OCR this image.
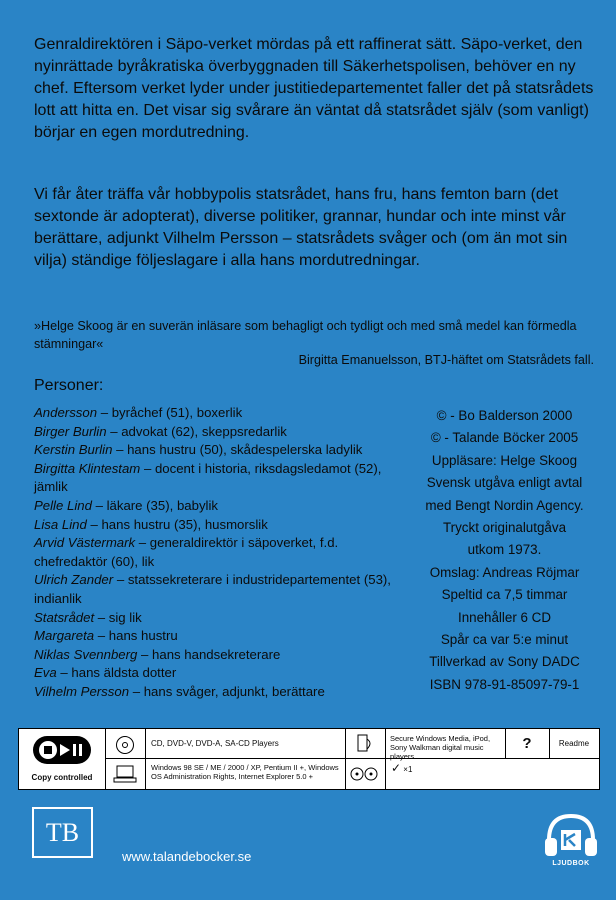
Genraldirektören i Säpo-verket mördas på ett raffinerat sätt. Säpo-verket, den nyinrättade byråkratiska överbyggnaden till Säkerhetspolisen, behöver en ny chef. Eftersom verket lyder under justitiedepartementet faller det på statsrådets lott att hitta en. Det visar sig svårare än väntat då statsrådet själv (som vanligt) börjar en egen mordutredning.

Vi får åter träffa vår hobbypolis statsrådet, hans fru, hans femton barn (det sextonde är adopterat), diverse politiker, grannar, hundar och inte minst vår berättare, adjunkt Vilhelm Persson – statsrådets svåger och (om än mot sin vilja) ständige följeslagare i alla hans mordutredningar.

»Helge Skoog är en suverän inläsare som behagligt och tydligt och med små medel kan förmedla stämningar«

Birgitta Emanuelsson, BTJ-häftet om Statsrådets fall.

Personer:

Andersson – byråchef (51), boxerlik
Birger Burlin – advokat (62), skeppsredarlik
Kerstin Burlin – hans hustru (50), skådespelerska ladylik
Birgitta Klintestam – docent i historia, riksdagsledamot (52), jämlik
Pelle Lind – läkare (35), babylik
Lisa Lind – hans hustru (35), husmorslik
Arvid Västermark – generaldirektör i säpoverket, f.d. chefredaktör (60), lik
Ulrich Zander – statssekreterare i industridepartementet (53), indianlik
Statsrådet – sig lik
Margareta – hans hustru
Niklas Svennberg – hans handsekreterare
Eva – hans äldsta dotter
Vilhelm Persson – hans svåger, adjunkt, berättare
© - Bo Balderson 2000
© - Talande Böcker 2005
Uppläsare: Helge Skoog
Svensk utgåva enligt avtal
med Bengt Nordin Agency.
Tryckt originalutgåva
utkom 1973.
Omslag: Andreas Röjmar
Speltid ca 7,5 timmar
Innehåller 6 CD
Spår ca var 5:e minut
Tillverkad av Sony DADC
ISBN 978-91-85097-79-1
Copy controlled
CD, DVD-V, DVD-A, SA-CD Players
Windows 98 SE / ME / 2000 / XP, Pentium II +, Windows OS Administration Rights, Internet Explorer 5.0 +
Secure Windows Media, iPod, Sony Walkman digital music players
✓ ×1
?	Readme
TB
www.talandebocker.se	LJUDBOK
